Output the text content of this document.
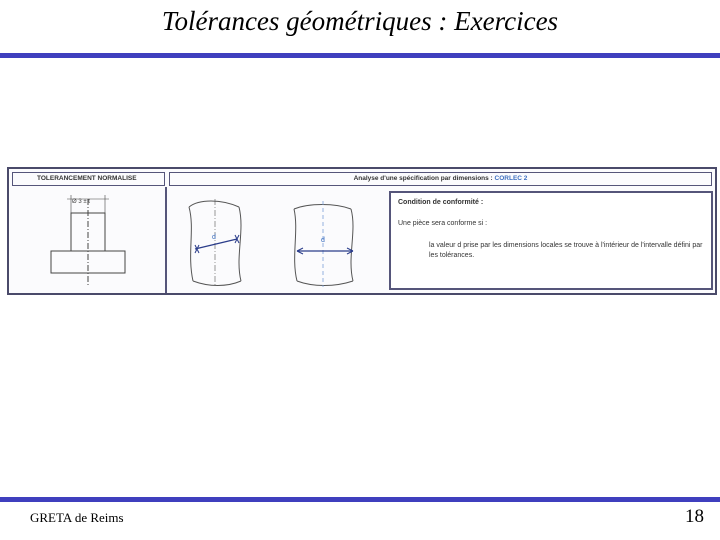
Tolérances géométriques : Exercices
TOLERANCEMENT NORMALISE	Analyse d'une spécification par dimensions : CORLEC 2
Ø 3 ± t
d	d
Condition de conformité :
Une pièce sera conforme si :
la valeur d prise par les dimensions locales se trouve à l'intérieur de l'intervalle défini par les tolérances.
GRETA de Reims	18
